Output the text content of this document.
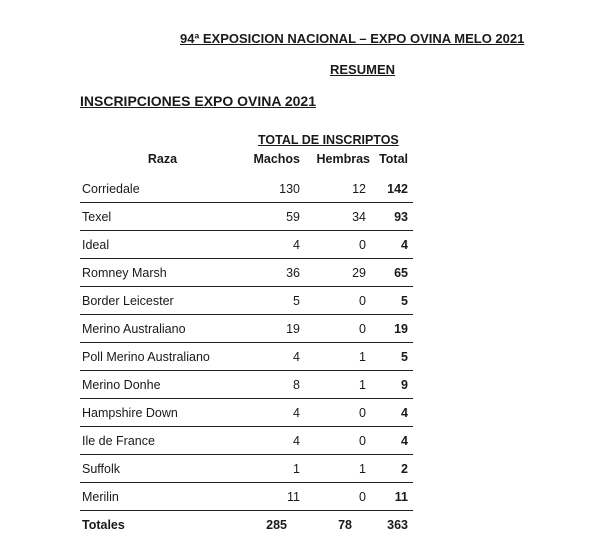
94ª EXPOSICION NACIONAL – EXPO OVINA MELO 2021
RESUMEN
INSCRIPCIONES EXPO OVINA 2021
TOTAL DE INSCRIPTOS
Raza	Machos	Hembras Total
Corriedale	130	12	142
Texel	59	34	93
Ideal	4	0	4
Romney Marsh	36	29	65
Border Leicester	5	0	5
Merino Australiano	19	0	19
Poll Merino Australiano	4	1	5
Merino Donhe	8	1	9
Hampshire Down	4	0	4
Ile de France	4	0	4
Suffolk	1	1	2
Merilin	11	0	11
Totales	285	78	363
